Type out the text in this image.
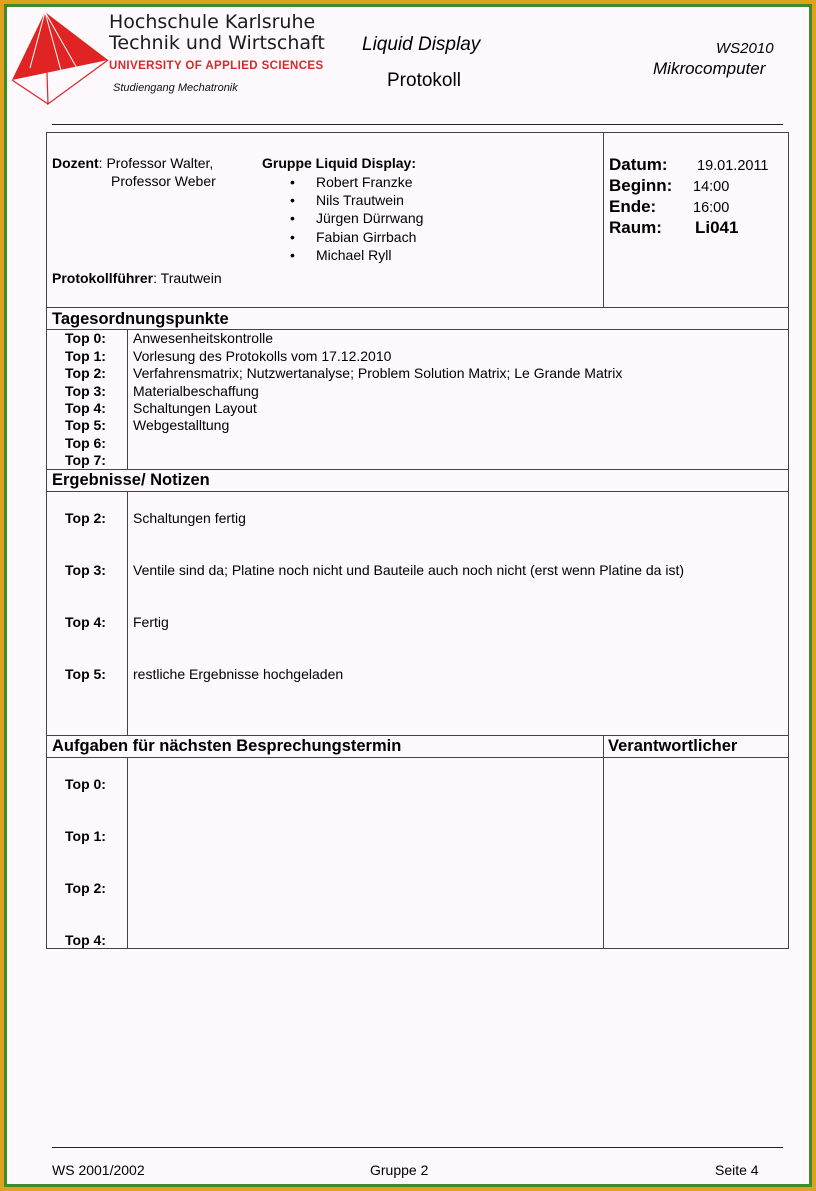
Hochschule Karlsruhe
Technik und Wirtschaft
UNIVERSITY OF APPLIED SCIENCES
Studiengang Mechatronik
Liquid Display
Protokoll
WS2010
Mikrocomputer
Dozent: Professor Walter,
Professor Weber
Gruppe Liquid Display:
• Robert Franzke
• Nils Trautwein
• Jürgen Dürrwang
• Fabian Girrbach
• Michael Ryll
Protokollführer: Trautwein
Datum: 19.01.2011
Beginn: 14:00
Ende:	16:00
Raum: Li041
Tagesordnungspunkte
Top 0: Anwesenheitskontrolle
Top 1: Vorlesung des Protokolls vom 17.12.2010
Top 2: Verfahrensmatrix; Nutzwertanalyse; Problem Solution Matrix; Le Grande Matrix
Top 3: Materialbeschaffung
Top 4: Schaltungen Layout
Top 5: Webgestalltung
Top 6:
Top 7:
Ergebnisse/ Notizen
Top 2: Schaltungen fertig
Top 3: Ventile sind da; Platine noch nicht und Bauteile auch noch nicht (erst wenn Platine da ist)
Top 4: Fertig
Top 5: restliche Ergebnisse hochgeladen
Aufgaben für nächsten Besprechungstermin	Verantwortlicher
Top 0:
Top 1:
Top 2:
Top 4:
WS 2001/2002	Gruppe 2	Seite 4
